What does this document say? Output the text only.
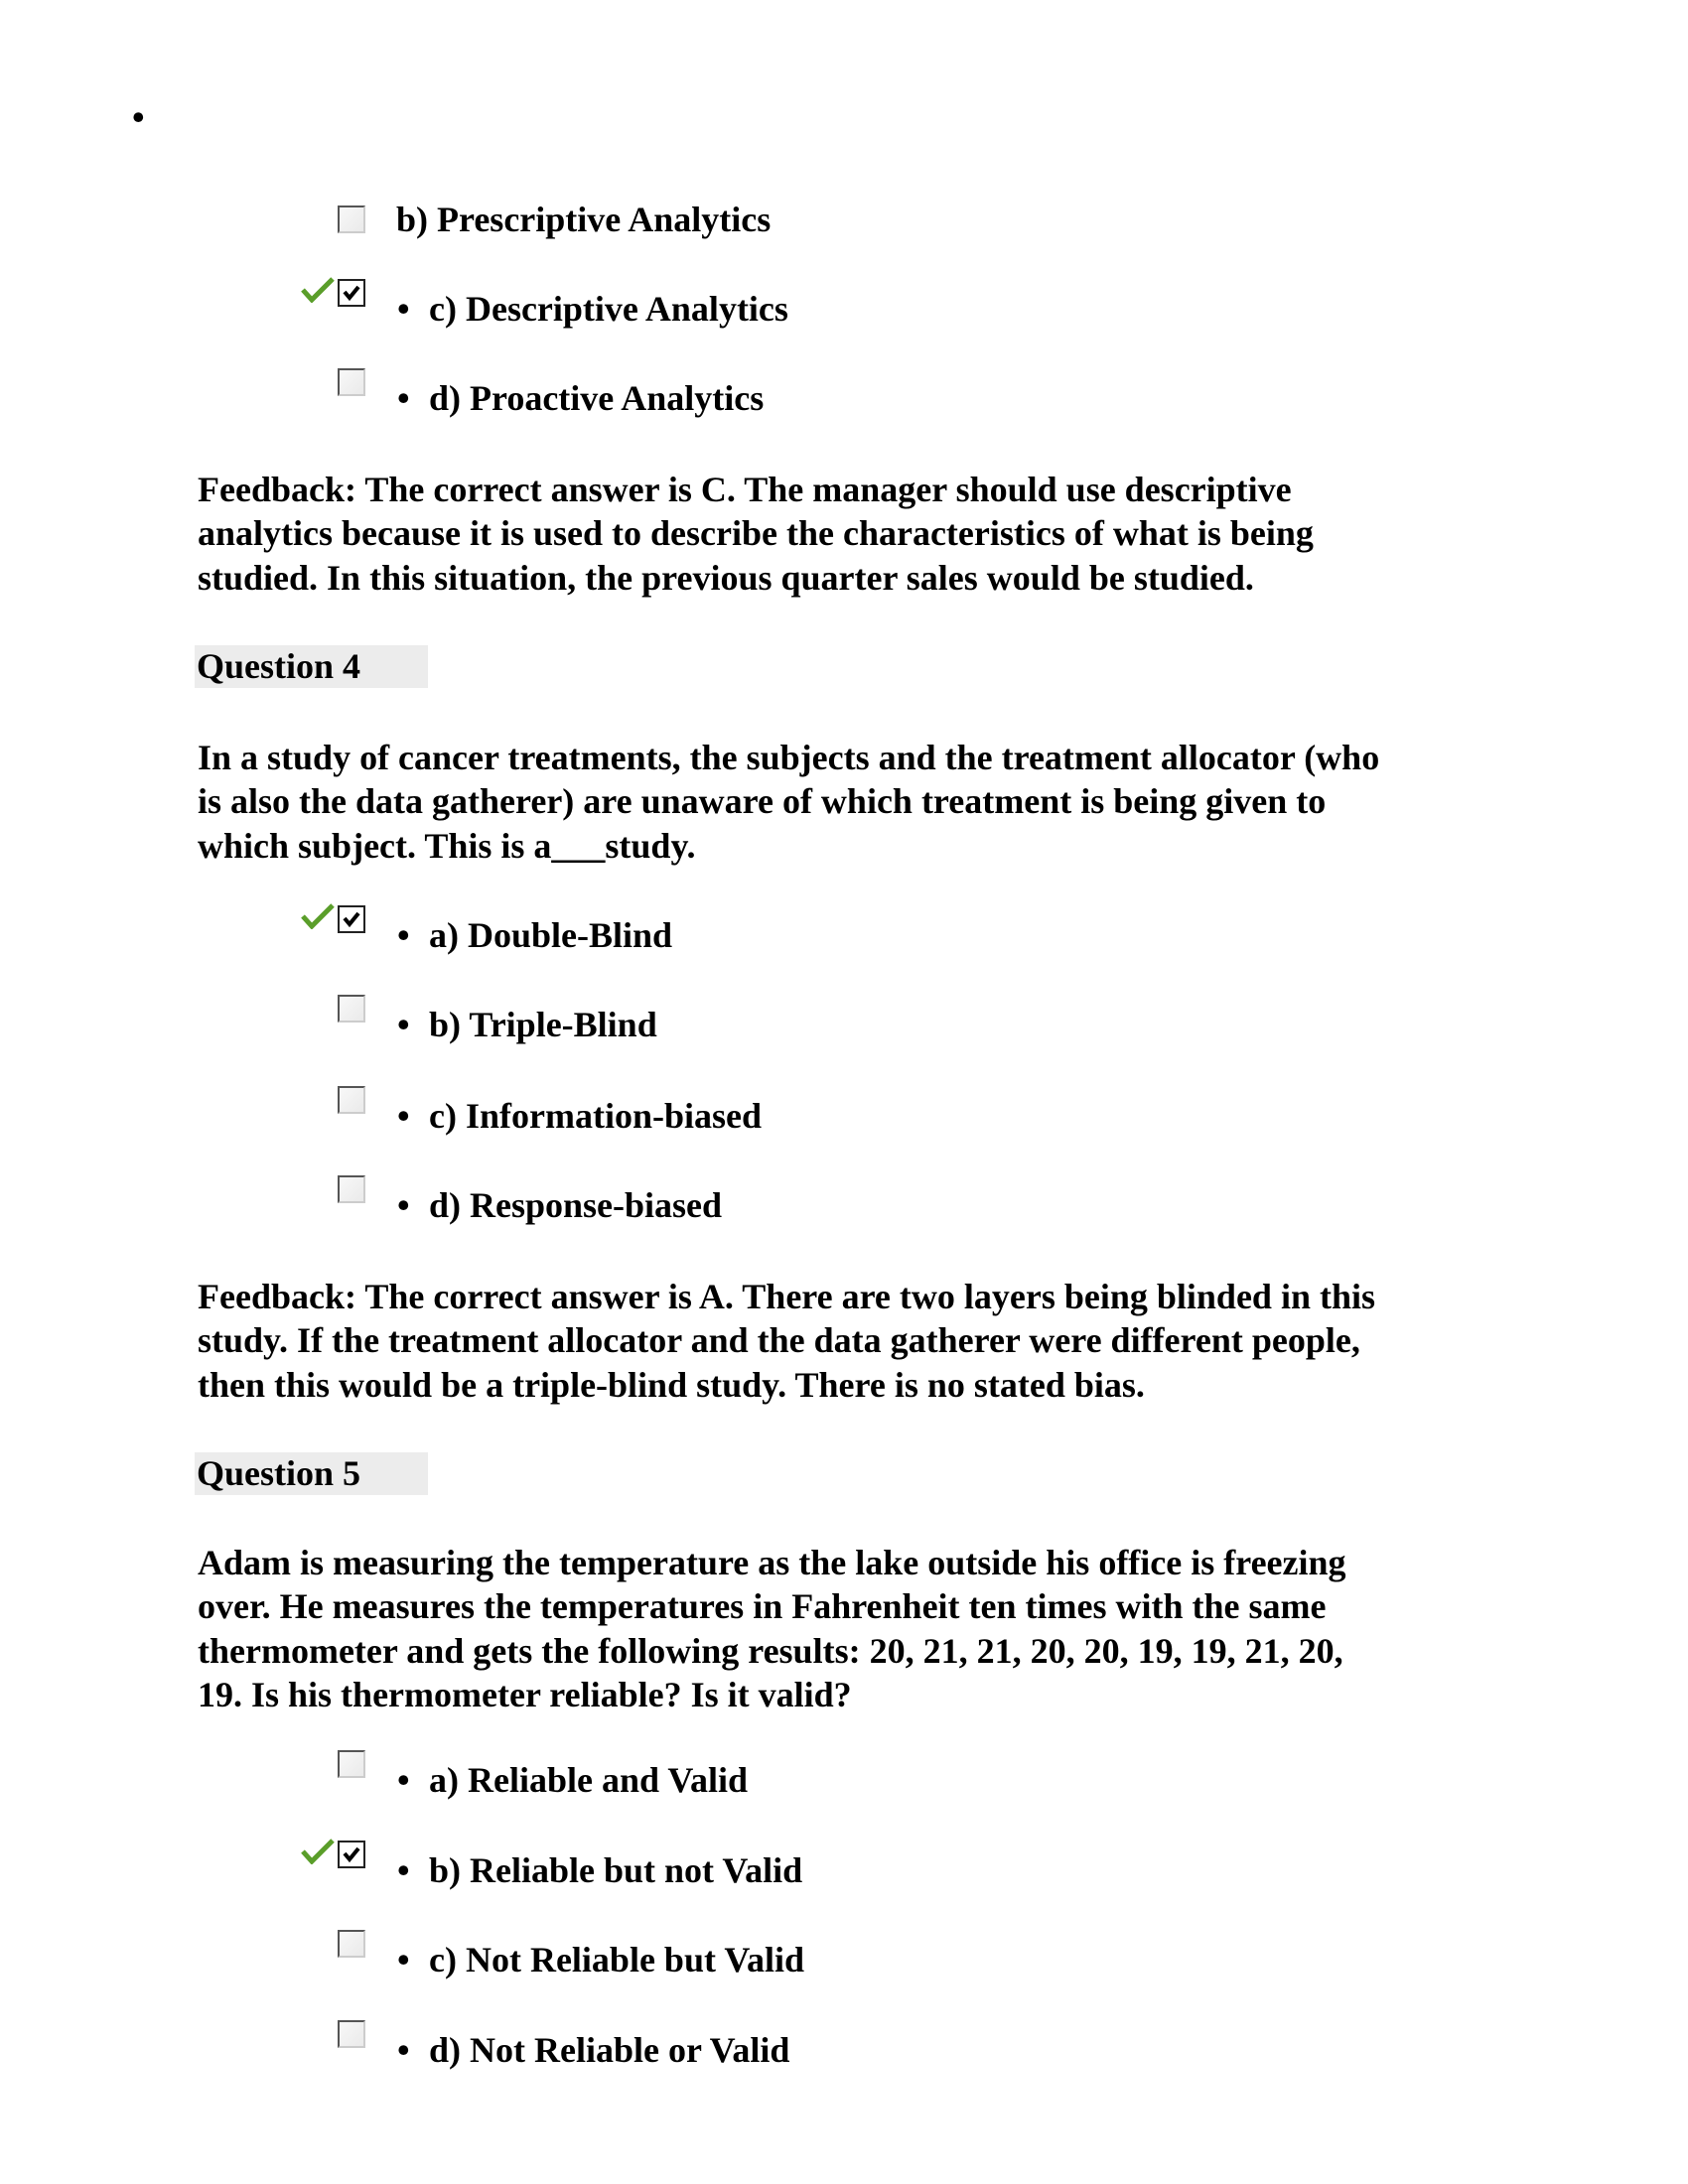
•
b) Prescriptive Analytics
• c) Descriptive Analytics
• d) Proactive Analytics
Feedback: The correct answer is C. The manager should use descriptive
analytics because it is used to describe the characteristics of what is being
studied. In this situation, the previous quarter sales would be studied.
Question 4
In a study of cancer treatments, the subjects and the treatment allocator (who
is also the data gatherer) are unaware of which treatment is being given to
which subject. This is a___study.
• a) Double-Blind
• b) Triple-Blind
• c) Information-biased
• d) Response-biased
Feedback: The correct answer is A. There are two layers being blinded in this
study. If the treatment allocator and the data gatherer were different people,
then this would be a triple-blind study. There is no stated bias.
Question 5
Adam is measuring the temperature as the lake outside his office is freezing
over. He measures the temperatures in Fahrenheit ten times with the same
thermometer and gets the following results: 20, 21, 21, 20, 20, 19, 19, 21, 20,
19. Is his thermometer reliable? Is it valid?
• a) Reliable and Valid
• b) Reliable but not Valid
• c) Not Reliable but Valid
• d) Not Reliable or Valid
